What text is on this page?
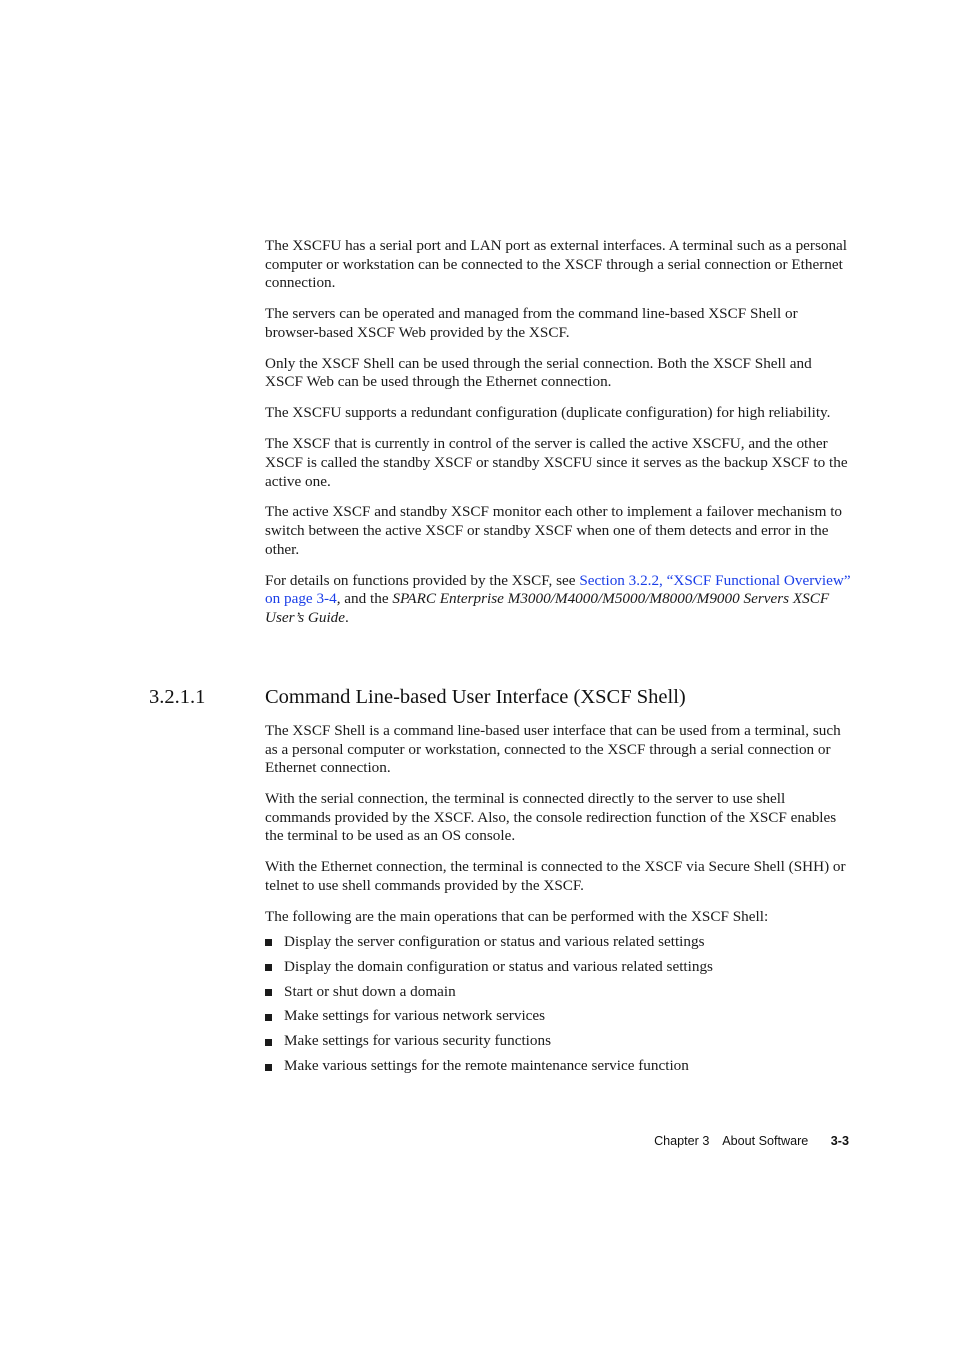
The XSCFU has a serial port and LAN port as external interfaces. A terminal such as a personal computer or workstation can be connected to the XSCF through a serial connection or Ethernet connection.

The servers can be operated and managed from the command line-based XSCF Shell or browser-based XSCF Web provided by the XSCF.

Only the XSCF Shell can be used through the serial connection. Both the XSCF Shell and XSCF Web can be used through the Ethernet connection.

The XSCFU supports a redundant configuration (duplicate configuration) for high reliability.

The XSCF that is currently in control of the server is called the active XSCFU, and the other XSCF is called the standby XSCF or standby XSCFU since it serves as the backup XSCF to the active one.

The active XSCF and standby XSCF monitor each other to implement a failover mechanism to switch between the active XSCF or standby XSCF when one of them detects and error in the other.

For details on functions provided by the XSCF, see Section 3.2.2, “XSCF Functional Overview” on page 3-4, and the SPARC Enterprise M3000/M4000/M5000/M8000/M9000 Servers XSCF User’s Guide.

3.2.1.1	Command Line-based User Interface (XSCF Shell)

The XSCF Shell is a command line-based user interface that can be used from a terminal, such as a personal computer or workstation, connected to the XSCF through a serial connection or Ethernet connection.

With the serial connection, the terminal is connected directly to the server to use shell commands provided by the XSCF. Also, the console redirection function of the XSCF enables the terminal to be used as an OS console.

With the Ethernet connection, the terminal is connected to the XSCF via Secure Shell (SHH) or telnet to use shell commands provided by the XSCF.

The following are the main operations that can be performed with the XSCF Shell:

Display the server configuration or status and various related settings
Display the domain configuration or status and various related settings
Start or shut down a domain
Make settings for various network services
Make settings for various security functions
Make various settings for the remote maintenance service function
Chapter 3 About Software 3-3
